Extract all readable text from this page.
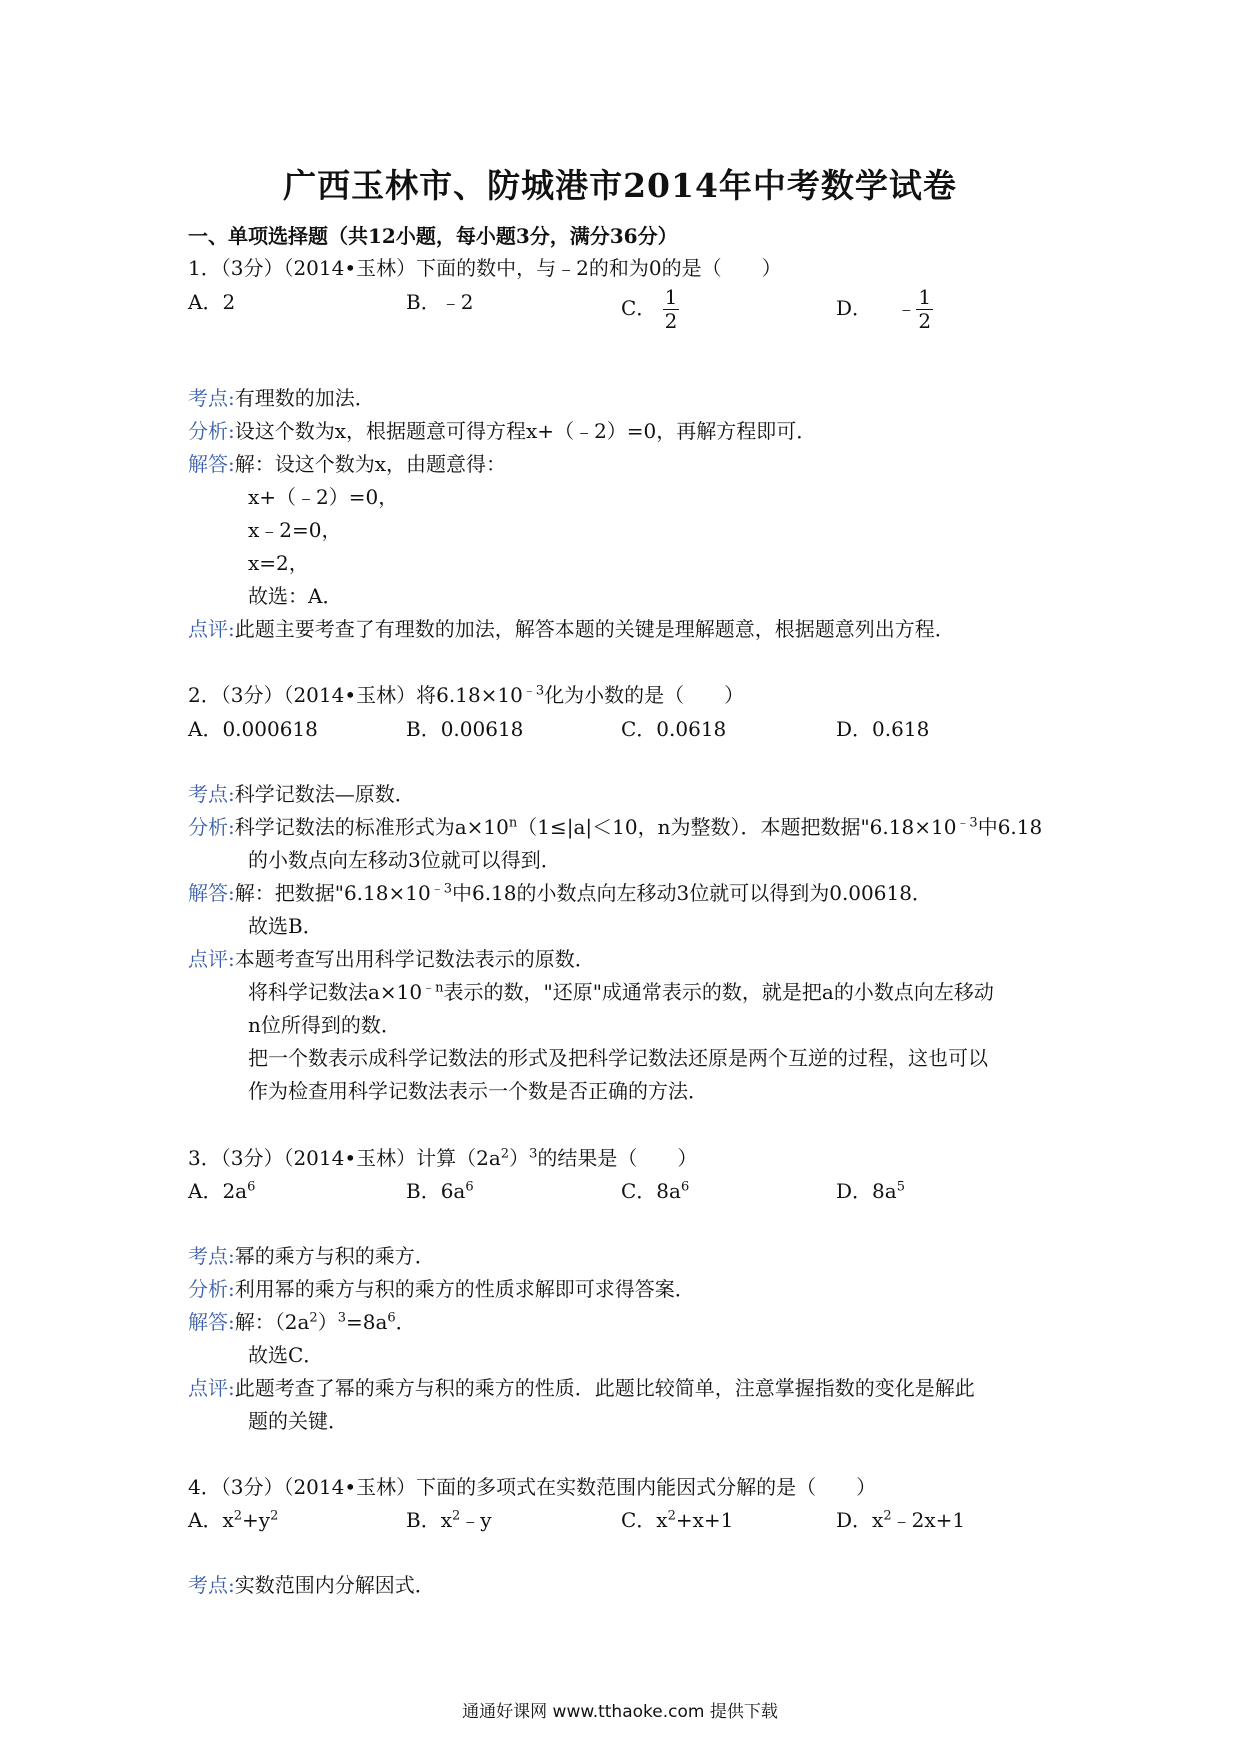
广西玉林市、防城港市2014年中考数学试卷
一、单项选择题（共12小题，每小题3分，满分36分）
1．（3分）（2014•玉林）下面的数中，与﹣2的和为0的是（　　）
A．2	B．﹣2	C． $\frac{1}{2}$	D． ﹣ $\frac{1}{2}$
考点:有理数的加法．
分析:设这个数为x，根据题意可得方程x+（﹣2）=0，再解方程即可．
解答:解：设这个数为x，由题意得：
x+（﹣2）=0，
x﹣2=0，
x=2，
故选：A．
点评:此题主要考查了有理数的加法，解答本题的关键是理解题意，根据题意列出方程．
2．（3分）（2014•玉林）将$6.18\times 10^{﹣3}$化为小数的是（　　）
A．0.000618	B．0.00618	C．0.0618	D．0.618
考点:科学记数法—原数．
分析:科学记数法的标准形式为$a\times 10^n(1\le|a|<10$，n为整数）．本题把数据"$6.18\times 10^{﹣3}$中6.18
的小数点向左移动3位就可以得到．
解答:解：把数据"$6.18\times 10^{﹣3}$中6.18的小数点向左移动3位就可以得到为0.00618．
故选B．
点评:本题考查写出用科学记数法表示的原数．
将科学记数法$a\times 10^{﹣n}$表示的数，"还原"成通常表示的数，就是把a的小数点向左移动
n位所得到的数．
把一个数表示成科学记数法的形式及把科学记数法还原是两个互逆的过程，这也可以
作为检查用科学记数法表示一个数是否正确的方法．
3．（3分）（2014•玉林）计算$(2a^2)^3$的结果是（　　）
A．$2a^6$	B．$6a^6$	C．$8a^6$	D．$8a^5$
考点:幂的乘方与积的乘方．
分析:利用幂的乘方与积的乘方的性质求解即可求得答案．
解答:解：$(2a^2)^3=8a^6$．
故选C．
点评:此题考查了幂的乘方与积的乘方的性质．此题比较简单，注意掌握指数的变化是解此
题的关键．
4．（3分）（2014•玉林）下面的多项式在实数范围内能因式分解的是（　　）
A．$x^2+y^2$	B．$x^2﹣y$	C．$x^2+x+1$	D．$x^2﹣2x+1$
考点:实数范围内分解因式．
通通好课网 www.tthaoke.com 提供下载
